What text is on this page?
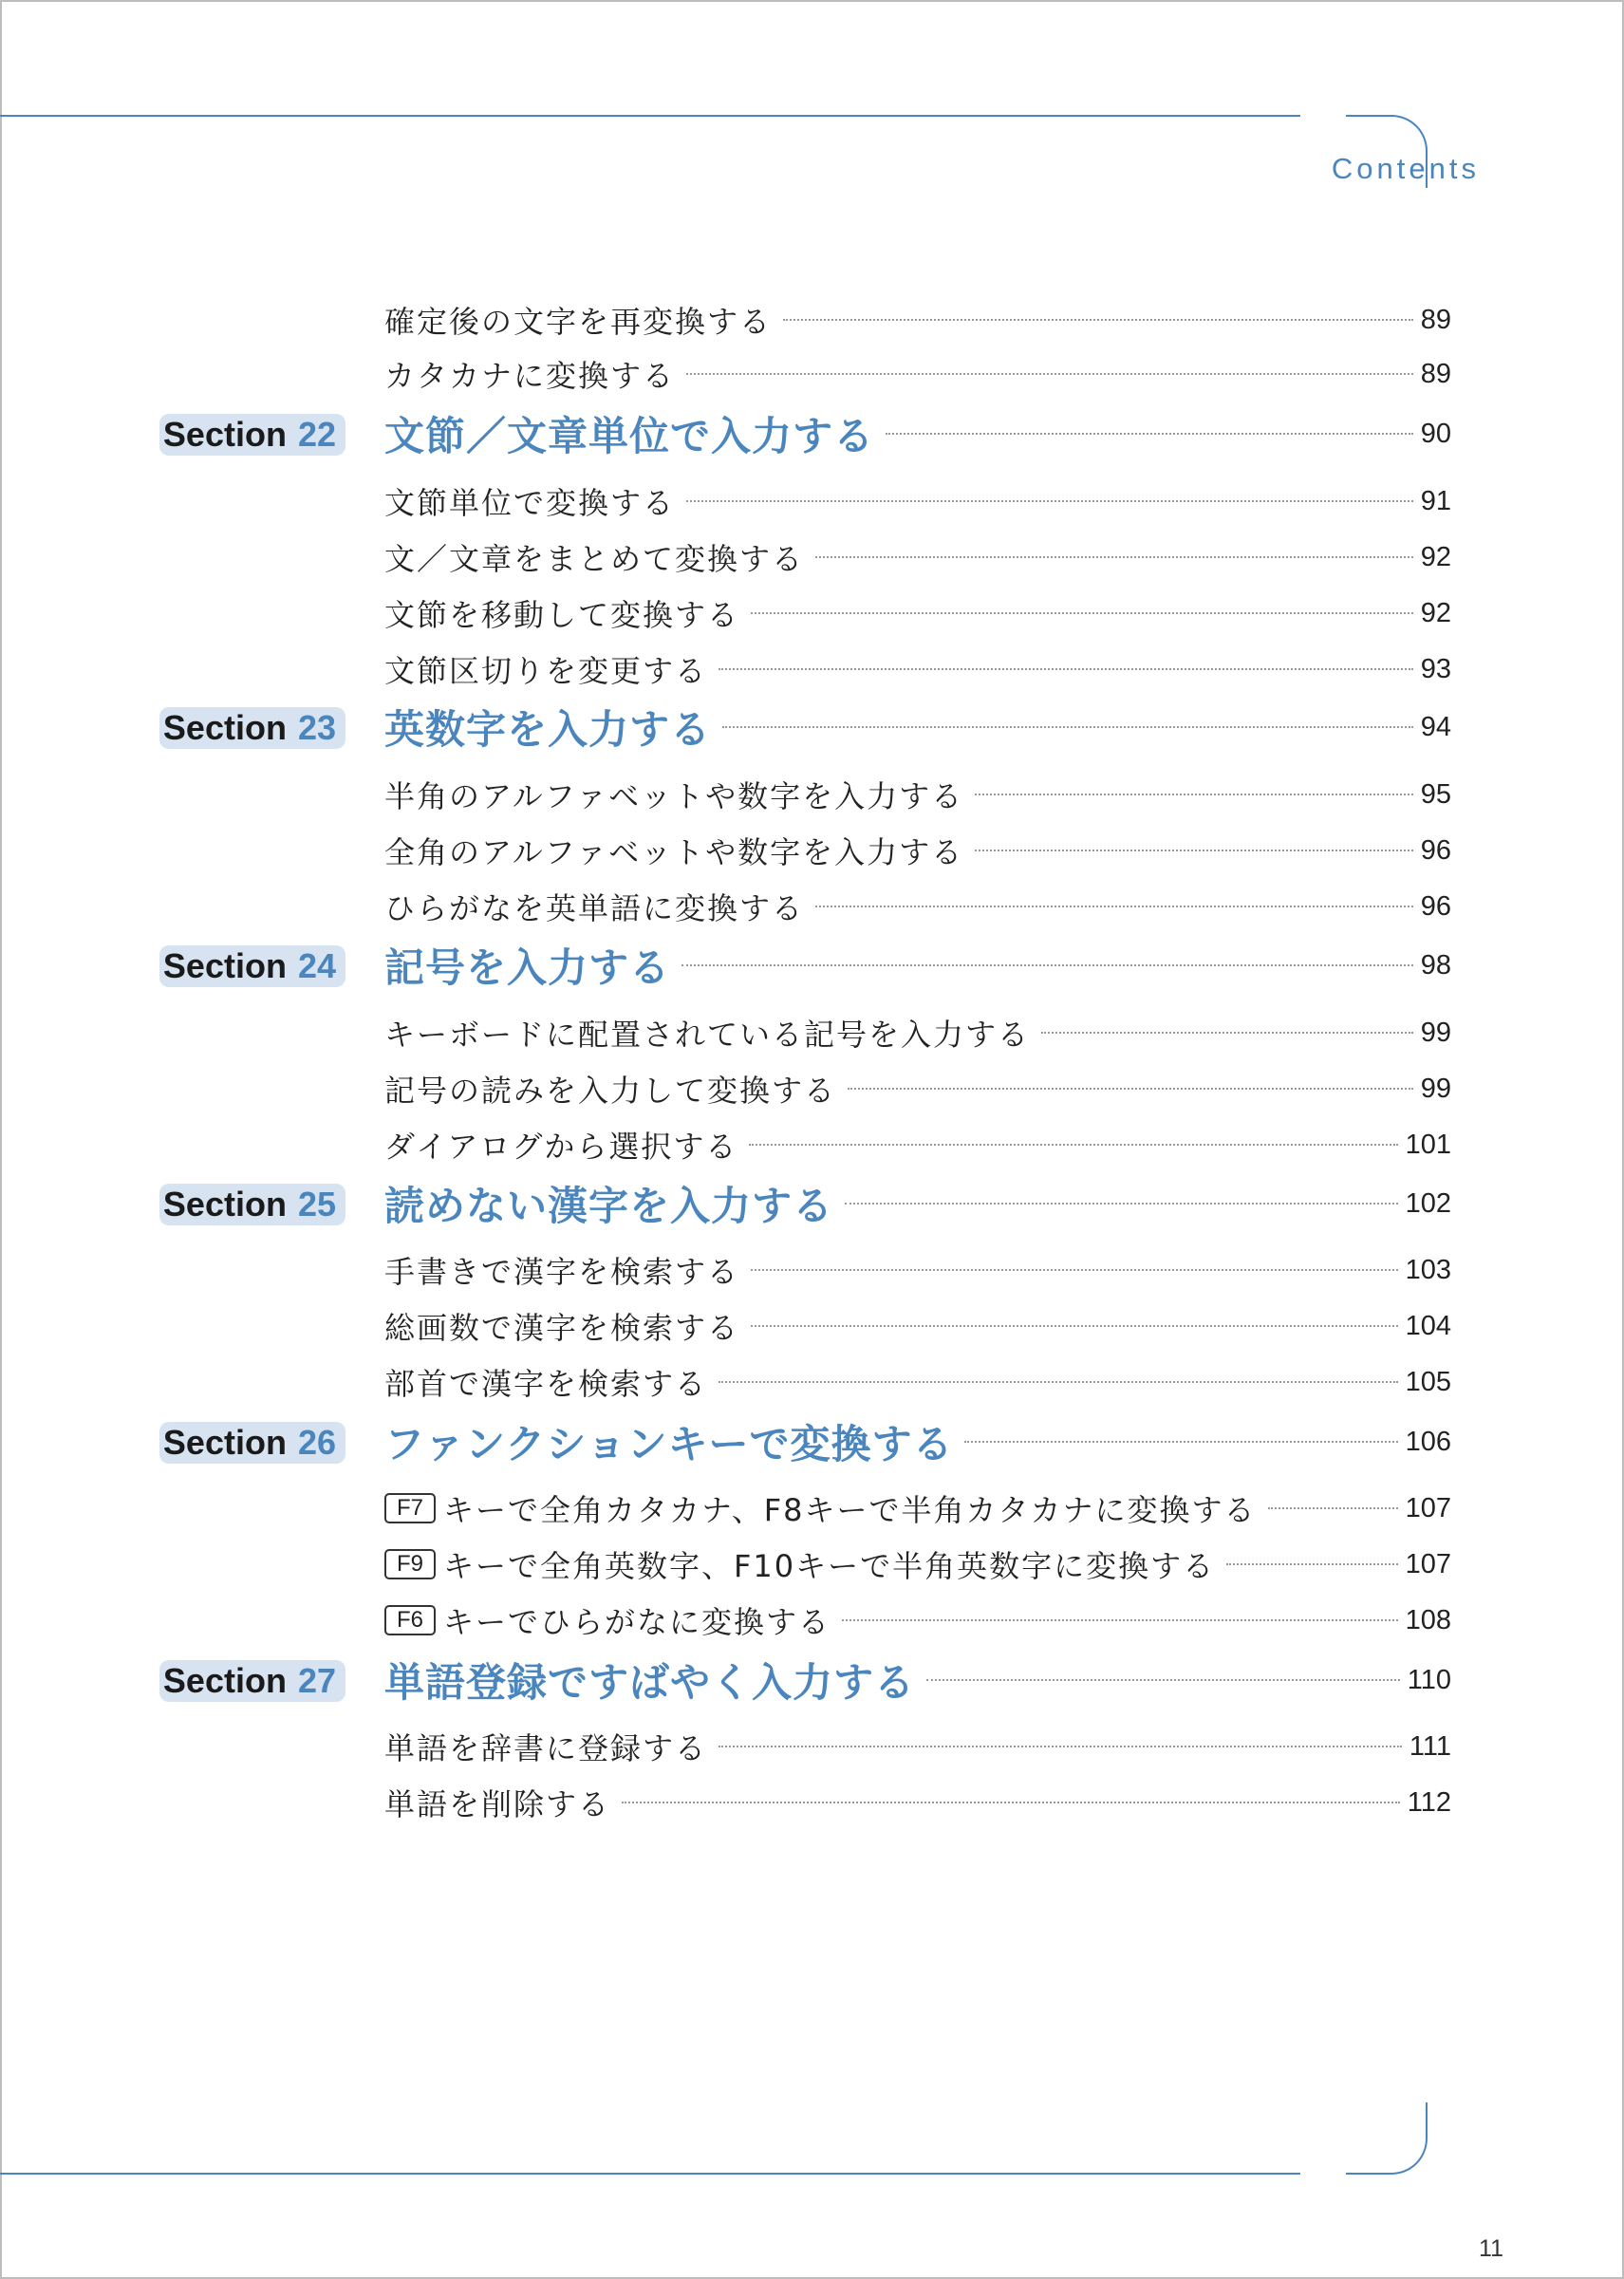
Contents
確定後の文字を再変換する	89
カタカナに変換する	89
Section 22 文節／文章単位で入力する	90
文節単位で変換する	91
文／文章をまとめて変換する	92
文節を移動して変換する	92
文節区切りを変更する	93
Section 23 英数字を入力する	94
半角のアルファベットや数字を入力する	95
全角のアルファベットや数字を入力する	96
ひらがなを英単語に変換する	96
Section 24 記号を入力する	98
キーボードに配置されている記号を入力する	99
記号の読みを入力して変換する	99
ダイアログから選択する	101
Section 25 読めない漢字を入力する	102
手書きで漢字を検索する	103
総画数で漢字を検索する	104
部首で漢字を検索する	105
Section 26 ファンクションキーで変換する	106
F7 キーで全角カタカナ、F8キーで半角カタカナに変換する	107
F9 キーで全角英数字、F10キーで半角英数字に変換する	107
F6 キーでひらがなに変換する	108
Section 27 単語登録ですばやく入力する	110
単語を辞書に登録する	111
単語を削除する	112
11
